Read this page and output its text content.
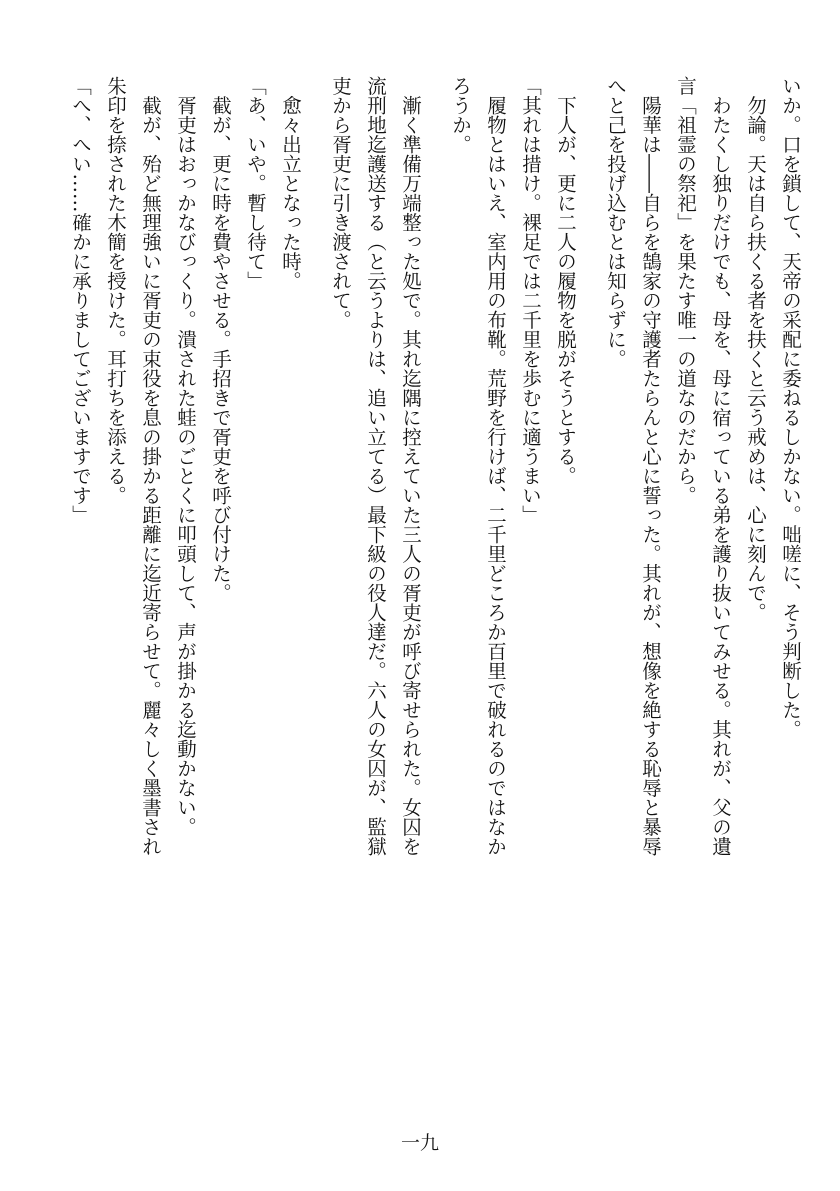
いか。口を鎖して、天帝の采配に委ねるしかない。咄嗟に、そう判断した。
　勿論。天は自ら扶くる者を扶くと云う戒めは、心に刻んで。
　わたくし独りだけでも、母を、母に宿っている弟を護り抜いてみせる。其れが、父の遺
言「祖霊の祭祀」を果たす唯一の道なのだから。
　陽華は――自らを鵠家の守護者たらんと心に誓った。其れが、想像を絶する恥辱と暴辱
へと己を投げ込むとは知らずに。
　下人が、更に二人の履物を脱がそうとする。
「其れは措け。裸足では二千里を歩むに適うまい」
　履物とはいえ、室内用の布靴。荒野を行けば、二千里どころか百里で破れるのではなか
ろうか。
　漸く準備万端整った処で。其れ迄隅に控えていた三人の胥吏が呼び寄せられた。女囚を
流刑地迄護送する（と云うよりは、追い立てる）最下級の役人達だ。六人の女囚が、監獄
吏から胥吏に引き渡されて。
　愈々出立となった時。
「あ、いや。暫し待て」
　截が、更に時を費やさせる。手招きで胥吏を呼び付けた。
　胥吏はおっかなびっくり。潰された蛙のごとくに叩頭して、声が掛かる迄動かない。
　截が、殆ど無理強いに胥吏の束役を息の掛かる距離に迄近寄らせて。麗々しく墨書され
朱印を捺された木簡を授けた。耳打ちを添える。
「へ、へい……確かに承りましてございますです」
一九
